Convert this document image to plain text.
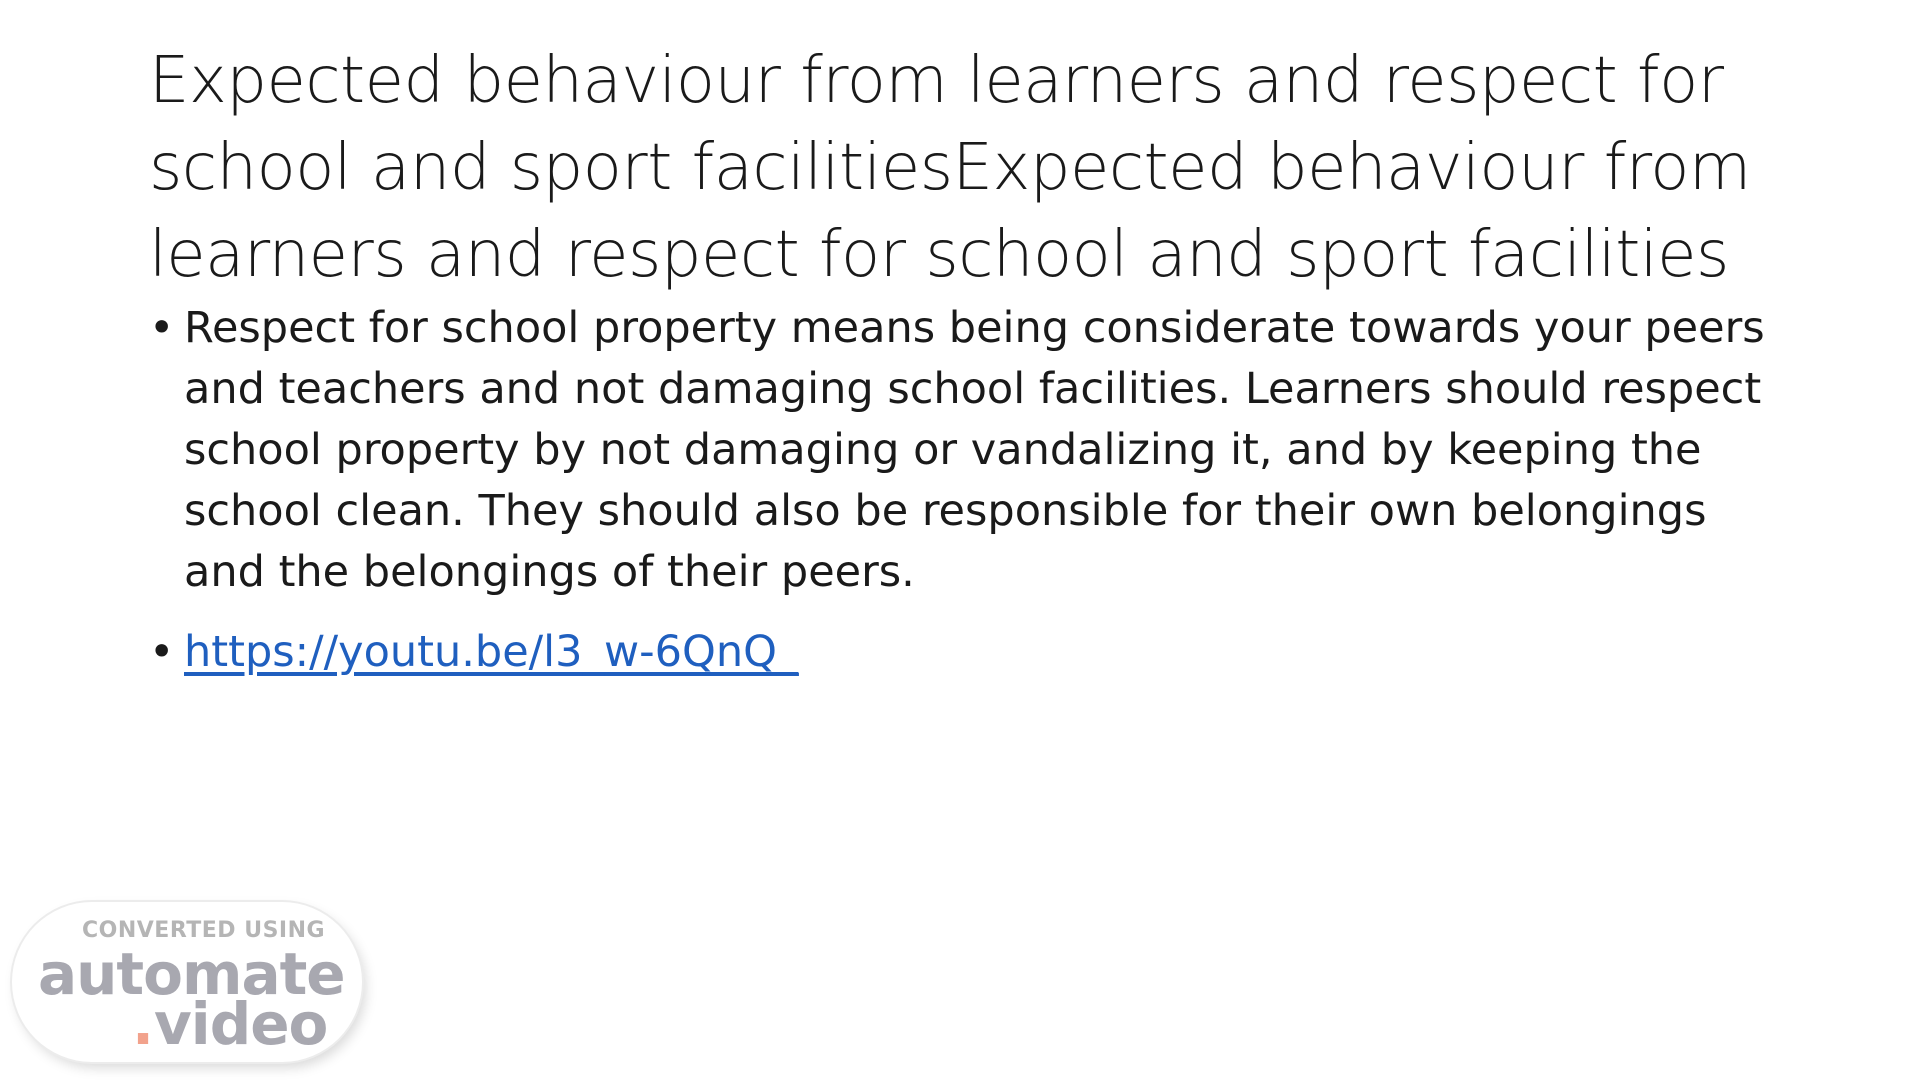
Expected behaviour from learners and respect for school and sport facilitiesExpected behaviour from learners and respect for school and sport facilities
• Respect for school property means being considerate towards your peers and teachers and not damaging school facilities. Learners should respect school property by not damaging or vandalizing it, and by keeping the school clean. They should also be responsible for their own belongings and the belongings of their peers.
• https://youtu.be/l3_w-6QnQ_
CONVERTED USING
automate
. video
